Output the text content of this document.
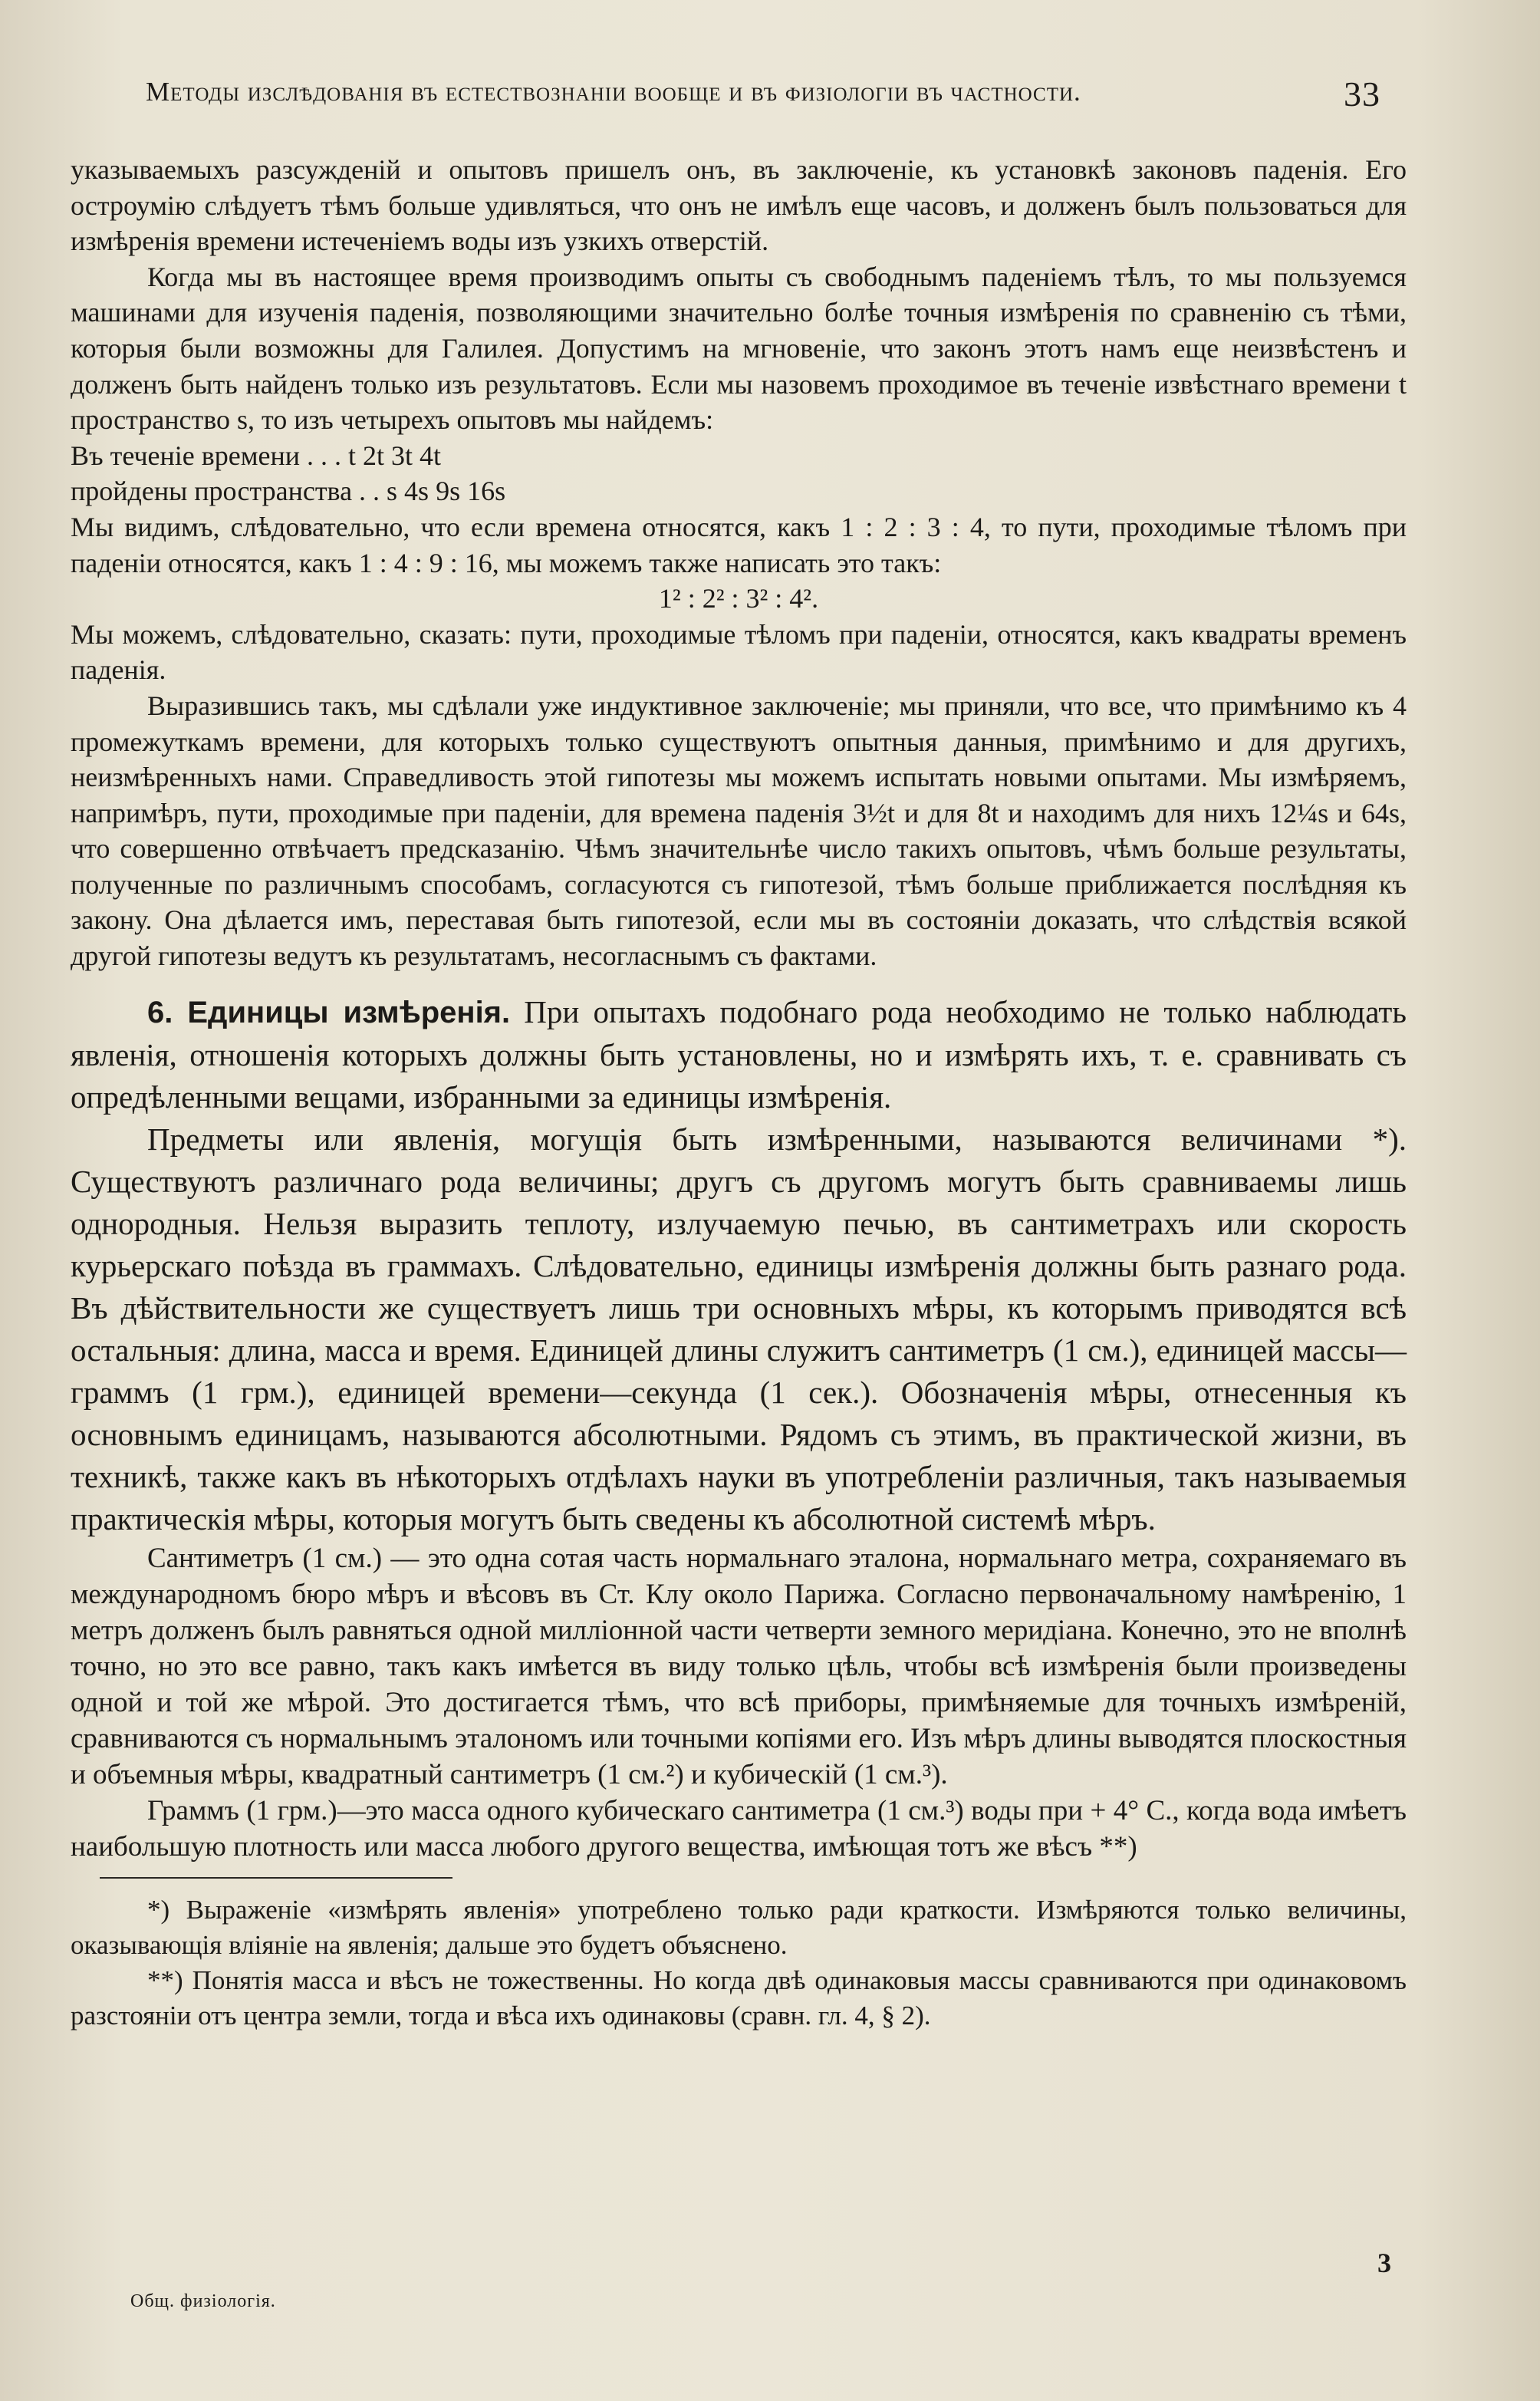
Методы изслѣдованія въ естествознаніи вообще и въ физіологіи въ частности.	33

указываемыхъ разсужденій и опытовъ пришелъ онъ, въ заключеніе, къ установкѣ законовъ паденія. Его остроумію слѣдуетъ тѣмъ больше удивляться, что онъ не имѣлъ еще часовъ, и долженъ былъ пользоваться для измѣренія времени истеченіемъ воды изъ узкихъ отверстій.

Когда мы въ настоящее время производимъ опыты съ свободнымъ паденіемъ тѣлъ, то мы пользуемся машинами для изученія паденія, позволяющими значительно болѣе точныя измѣренія по сравненію съ тѣми, которыя были возможны для Галилея. Допустимъ на мгновеніе, что законъ этотъ намъ еще неизвѣстенъ и долженъ быть найденъ только изъ результатовъ. Если мы назовемъ проходимое въ теченіе извѣстнаго времени t пространство s, то изъ четырехъ опытовъ мы найдемъ:

Въ теченіе времени . . . t 2t 3t 4t

пройдены пространства . . s 4s 9s 16s

Мы видимъ, слѣдовательно, что если времена относятся, какъ 1 : 2 : 3 : 4, то пути, проходимые тѣломъ при паденіи относятся, какъ 1 : 4 : 9 : 16, мы можемъ также написать это такъ:

1² : 2² : 3² : 4².

Мы можемъ, слѣдовательно, сказать: пути, проходимые тѣломъ при паденіи, относятся, какъ квадраты временъ паденія.

Выразившись такъ, мы сдѣлали уже индуктивное заключеніе; мы приняли, что все, что примѣнимо къ 4 промежуткамъ времени, для которыхъ только существуютъ опытныя данныя, примѣнимо и для другихъ, неизмѣренныхъ нами. Справедливость этой гипотезы мы можемъ испытать новыми опытами. Мы измѣряемъ, напримѣръ, пути, проходимые при паденіи, для времена паденія 3½t и для 8t и находимъ для нихъ 12¼s и 64s, что совершенно отвѣчаетъ предсказанію. Чѣмъ значительнѣе число такихъ опытовъ, чѣмъ больше результаты, полученные по различнымъ способамъ, согласуются съ гипотезой, тѣмъ больше приближается послѣдняя къ закону. Она дѣлается имъ, переставая быть гипотезой, если мы въ состояніи доказать, что слѣдствія всякой другой гипотезы ведутъ къ результатамъ, несогласнымъ съ фактами.

6. Единицы измѣренія. При опытахъ подобнаго рода необходимо не только наблюдать явленія, отношенія которыхъ должны быть установлены, но и измѣрять ихъ, т. е. сравнивать съ опредѣленными вещами, избранными за единицы измѣренія.

Предметы или явленія, могущія быть измѣренными, называются величинами *). Существуютъ различнаго рода величины; другъ съ другомъ могутъ быть сравниваемы лишь однородныя. Нельзя выразить теплоту, излучаемую печью, въ сантиметрахъ или скорость курьерскаго поѣзда въ граммахъ. Слѣдовательно, единицы измѣренія должны быть разнаго рода. Въ дѣйствительности же существуетъ лишь три основныхъ мѣры, къ которымъ приводятся всѣ остальныя: длина, масса и время. Единицей длины служитъ сантиметръ (1 см.), единицей массы—граммъ (1 грм.), единицей времени—секунда (1 сек.). Обозначенія мѣры, отнесенныя къ основнымъ единицамъ, называются абсолютными. Рядомъ съ этимъ, въ практической жизни, въ техникѣ, также какъ въ нѣкоторыхъ отдѣлахъ науки въ употребленіи различныя, такъ называемыя практическія мѣры, которыя могутъ быть сведены къ абсолютной системѣ мѣръ.

Сантиметръ (1 см.) — это одна сотая часть нормальнаго эталона, нормальнаго метра, сохраняемаго въ международномъ бюро мѣръ и вѣсовъ въ Ст. Клу около Парижа. Согласно первоначальному намѣренію, 1 метръ долженъ былъ равняться одной милліонной части четверти земного меридіана. Конечно, это не вполнѣ точно, но это все равно, такъ какъ имѣется въ виду только цѣль, чтобы всѣ измѣренія были произведены одной и той же мѣрой. Это достигается тѣмъ, что всѣ приборы, примѣняемые для точныхъ измѣреній, сравниваются съ нормальнымъ эталономъ или точными копіями его. Изъ мѣръ длины выводятся плоскостныя и объемныя мѣры, квадратный сантиметръ (1 см.²) и кубическій (1 см.³).

Граммъ (1 грм.)—это масса одного кубическаго сантиметра (1 см.³) воды при + 4° С., когда вода имѣетъ наибольшую плотность или масса любого другого вещества, имѣющая тотъ же вѣсъ **)

*) Выраженіе «измѣрять явленія» употреблено только ради краткости. Измѣряются только величины, оказывающія вліяніе на явленія; дальше это будетъ объяснено.

**) Понятія масса и вѣсъ не тожественны. Но когда двѣ одинаковыя массы сравниваются при одинаковомъ разстояніи отъ центра земли, тогда и вѣса ихъ одинаковы (сравн. гл. 4, § 2).

3
Общ. физіологія.
